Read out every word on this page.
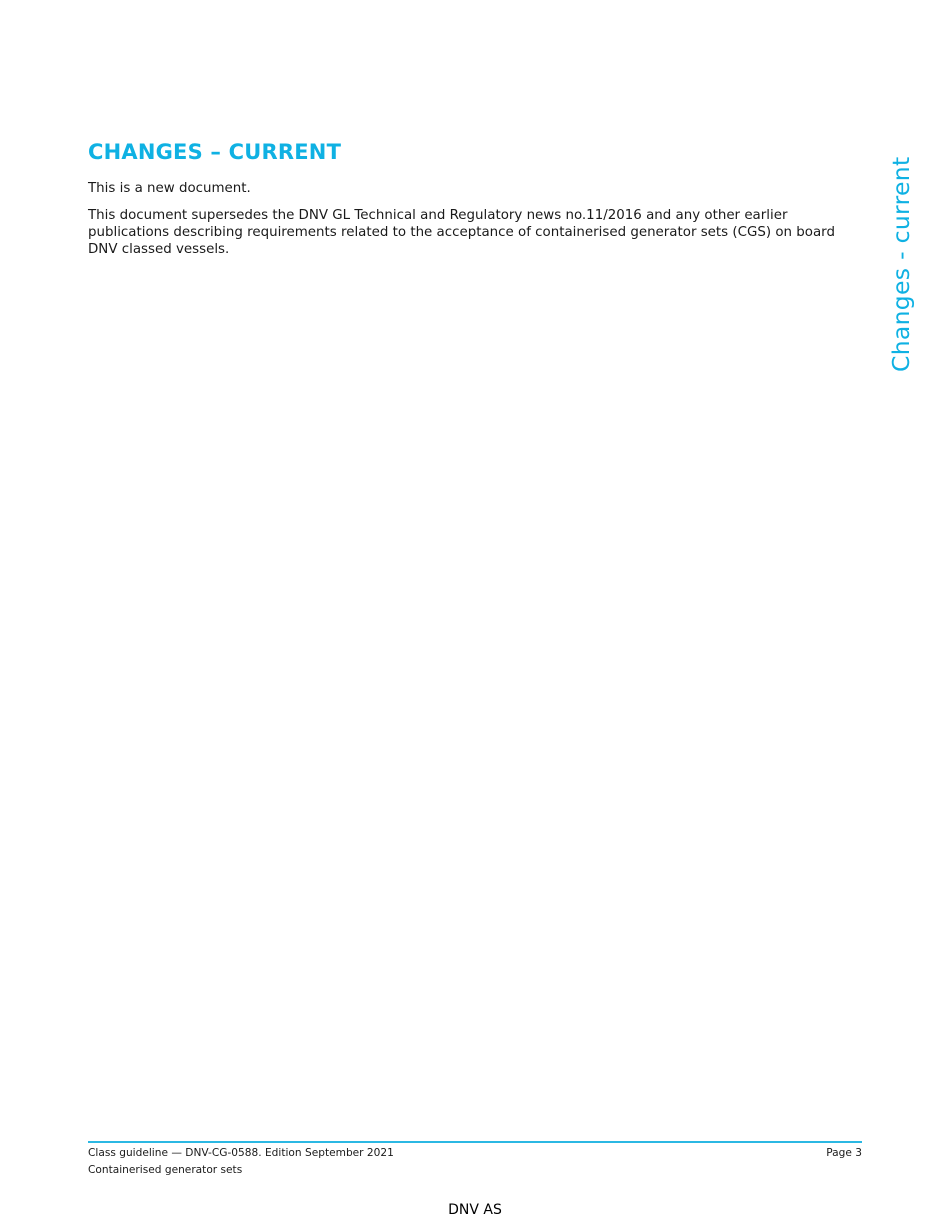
CHANGES – CURRENT
This is a new document.
This document supersedes the DNV GL Technical and Regulatory news no.11/2016 and any other earlier publications describing requirements related to the acceptance of containerised generator sets (CGS) on board DNV classed vessels.	Changes - current
Class guideline — DNV-CG-0588. Edition September 2021
Containerised generator sets
Page 3
DNV AS
